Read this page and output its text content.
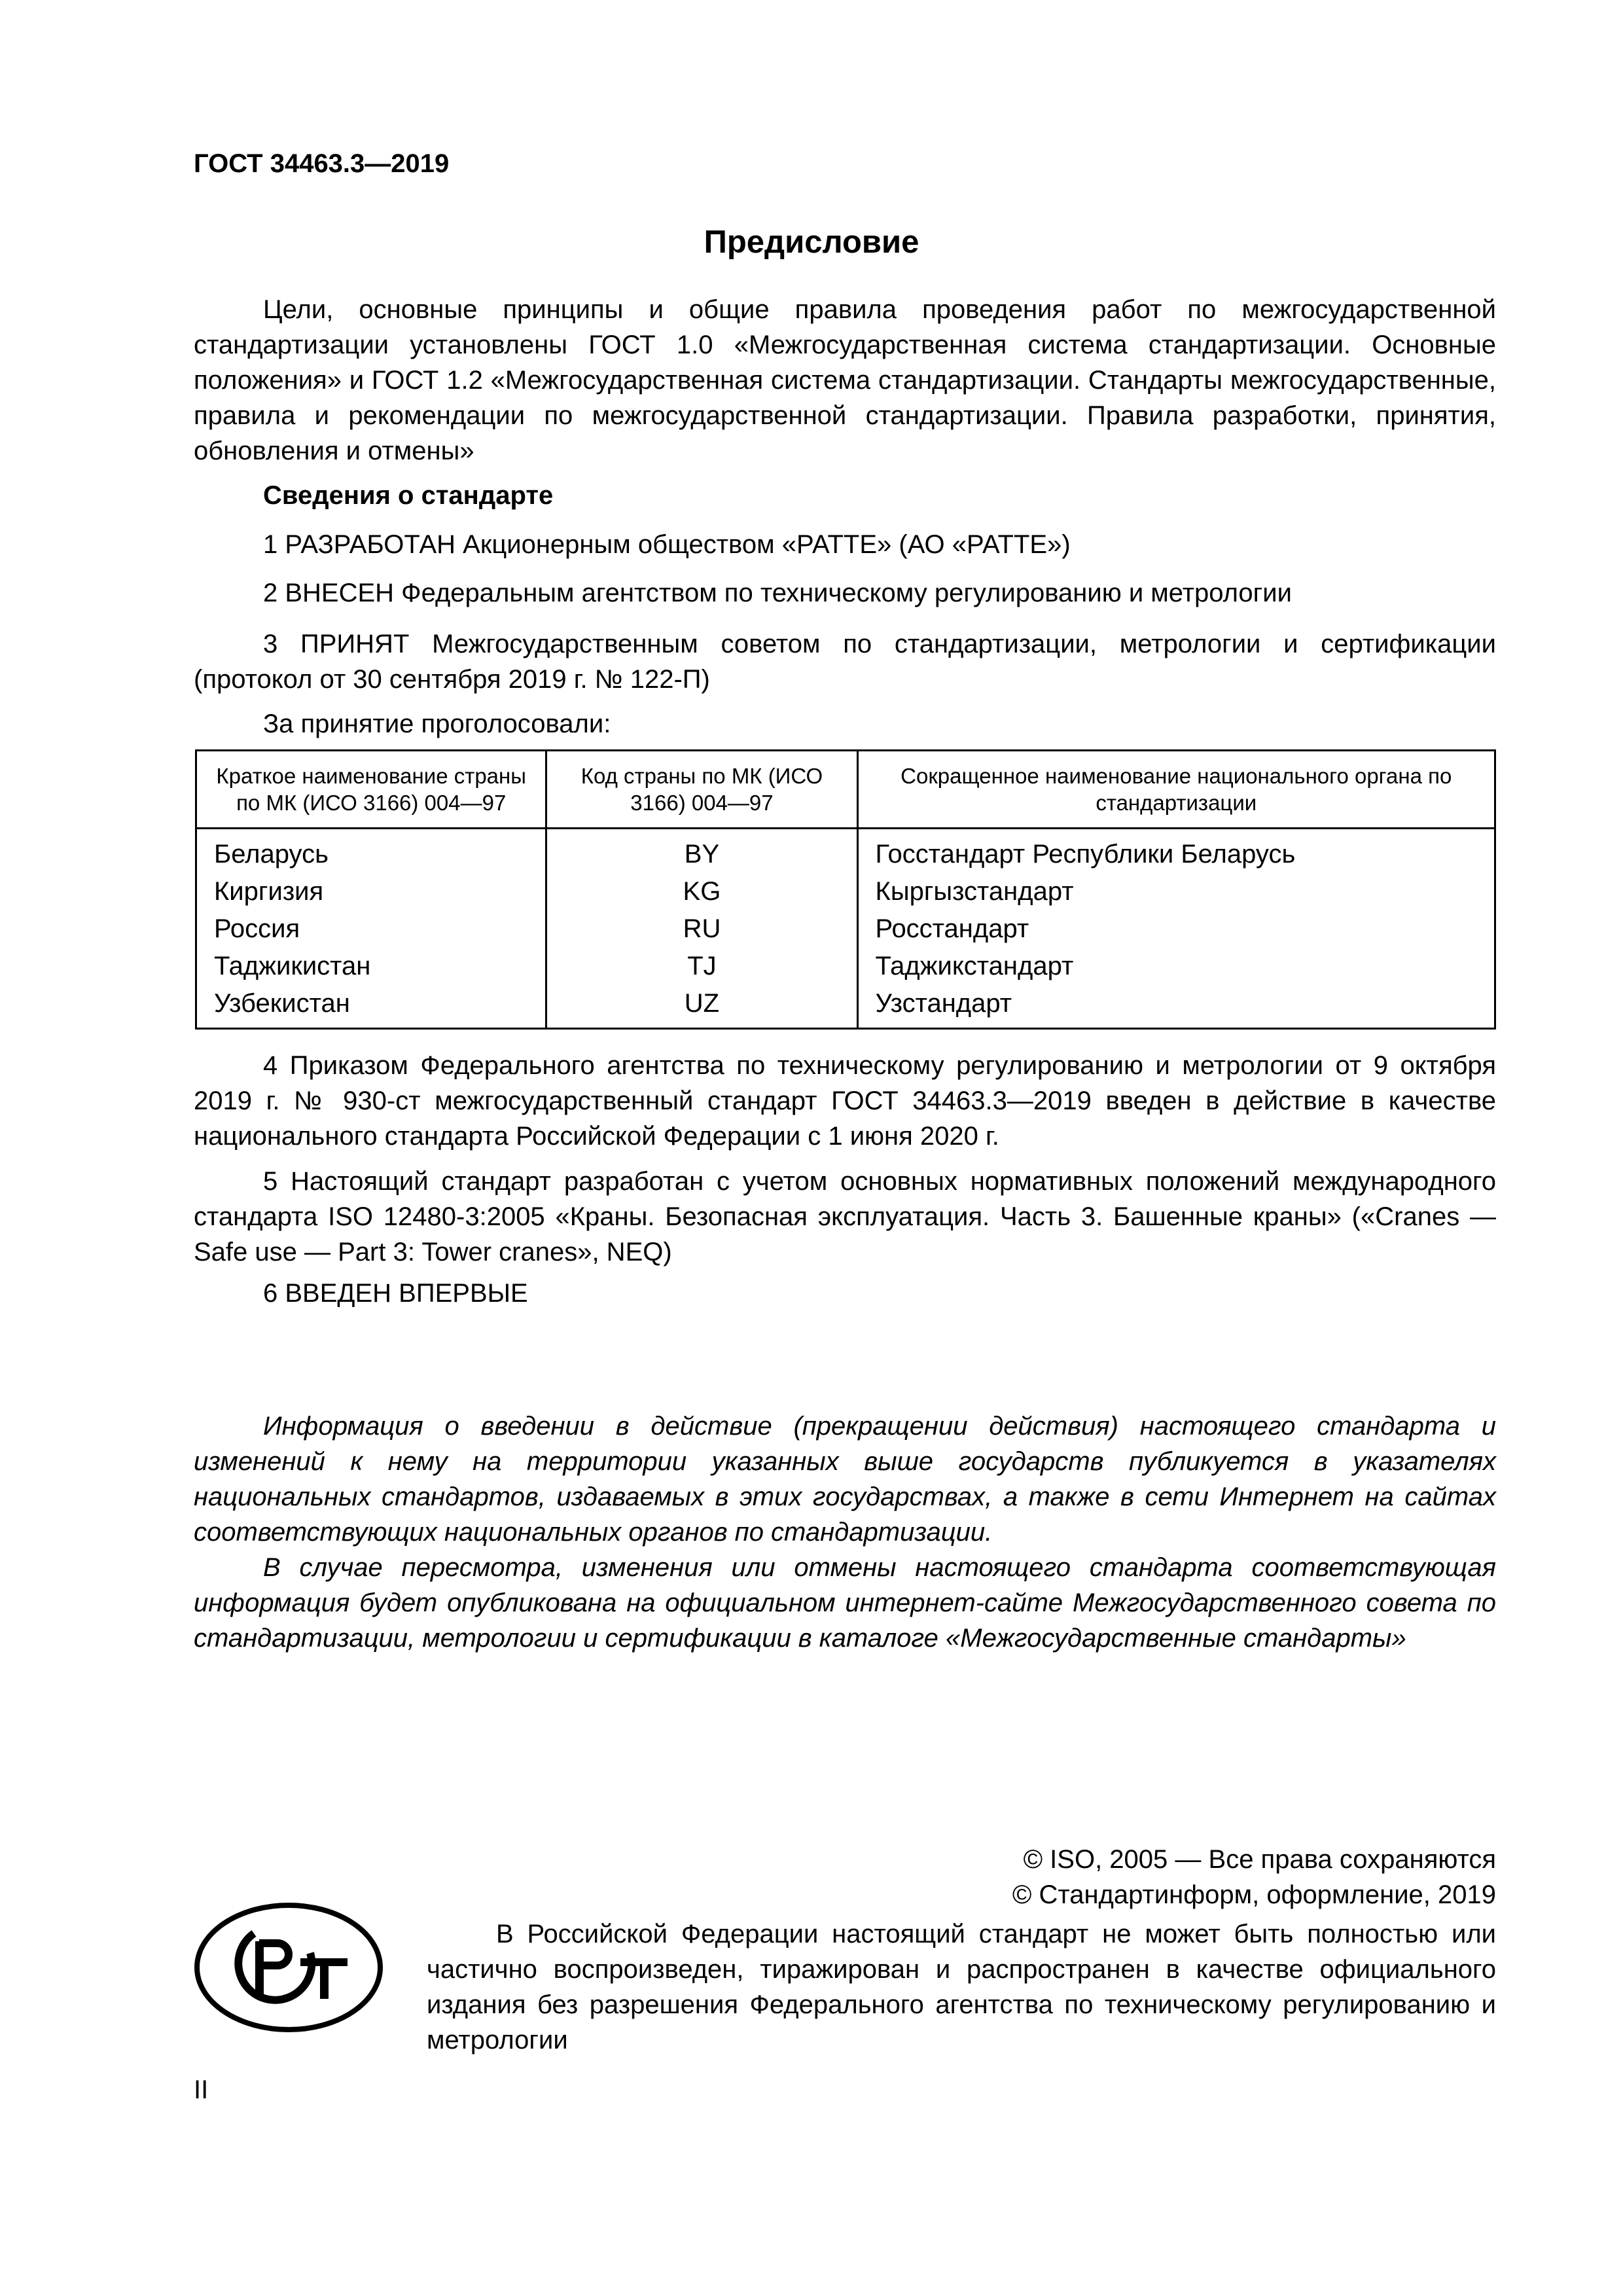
ГОСТ 34463.3—2019
Предисловие
Цели, основные принципы и общие правила проведения работ по межгосударственной стандартизации установлены ГОСТ 1.0 «Межгосударственная система стандартизации. Основные положения» и ГОСТ 1.2 «Межгосударственная система стандартизации. Стандарты межгосударственные, правила и рекомендации по межгосударственной стандартизации. Правила разработки, принятия, обновления и отмены»
Сведения о стандарте
1 РАЗРАБОТАН Акционерным обществом «РАТТЕ» (АО «РАТТЕ»)
2 ВНЕСЕН Федеральным агентством по техническому регулированию и метрологии
3 ПРИНЯТ Межгосударственным советом по стандартизации, метрологии и сертификации (протокол от 30 сентября 2019 г. № 122-П)
За принятие проголосовали:
Краткое наименование страны по МК (ИСО 3166) 004—97	Код страны по МК (ИСО 3166) 004—97	Сокращенное наименование национального органа по стандартизации
Беларусь	BY	Госстандарт Республики Беларусь
Киргизия	KG	Кыргызстандарт
Россия	RU	Росстандарт
Таджикистан	TJ	Таджикстандарт
Узбекистан	UZ	Узстандарт
4 Приказом Федерального агентства по техническому регулированию и метрологии от 9 октября 2019 г. № 930-ст межгосударственный стандарт ГОСТ 34463.3—2019 введен в действие в качестве национального стандарта Российской Федерации с 1 июня 2020 г.
5 Настоящий стандарт разработан с учетом основных нормативных положений международного стандарта ISO 12480-3:2005 «Краны. Безопасная эксплуатация. Часть 3. Башенные краны» («Cranes — Safe use — Part 3: Tower cranes», NEQ)
6 ВВЕДЕН ВПЕРВЫЕ
Информация о введении в действие (прекращении действия) настоящего стандарта и изменений к нему на территории указанных выше государств публикуется в указателях национальных стандартов, издаваемых в этих государствах, а также в сети Интернет на сайтах соответствующих национальных органов по стандартизации.
В случае пересмотра, изменения или отмены настоящего стандарта соответствующая информация будет опубликована на официальном интернет-сайте Межгосударственного совета по стандартизации, метрологии и сертификации в каталоге «Межгосударственные стандарты»
© ISO, 2005 — Все права сохраняются
© Стандартинформ, оформление, 2019
В Российской Федерации настоящий стандарт не может быть полностью или частично воспроизведен, тиражирован и распространен в качестве официального издания без разрешения Федерального агентства по техническому регулированию и метрологии
II
